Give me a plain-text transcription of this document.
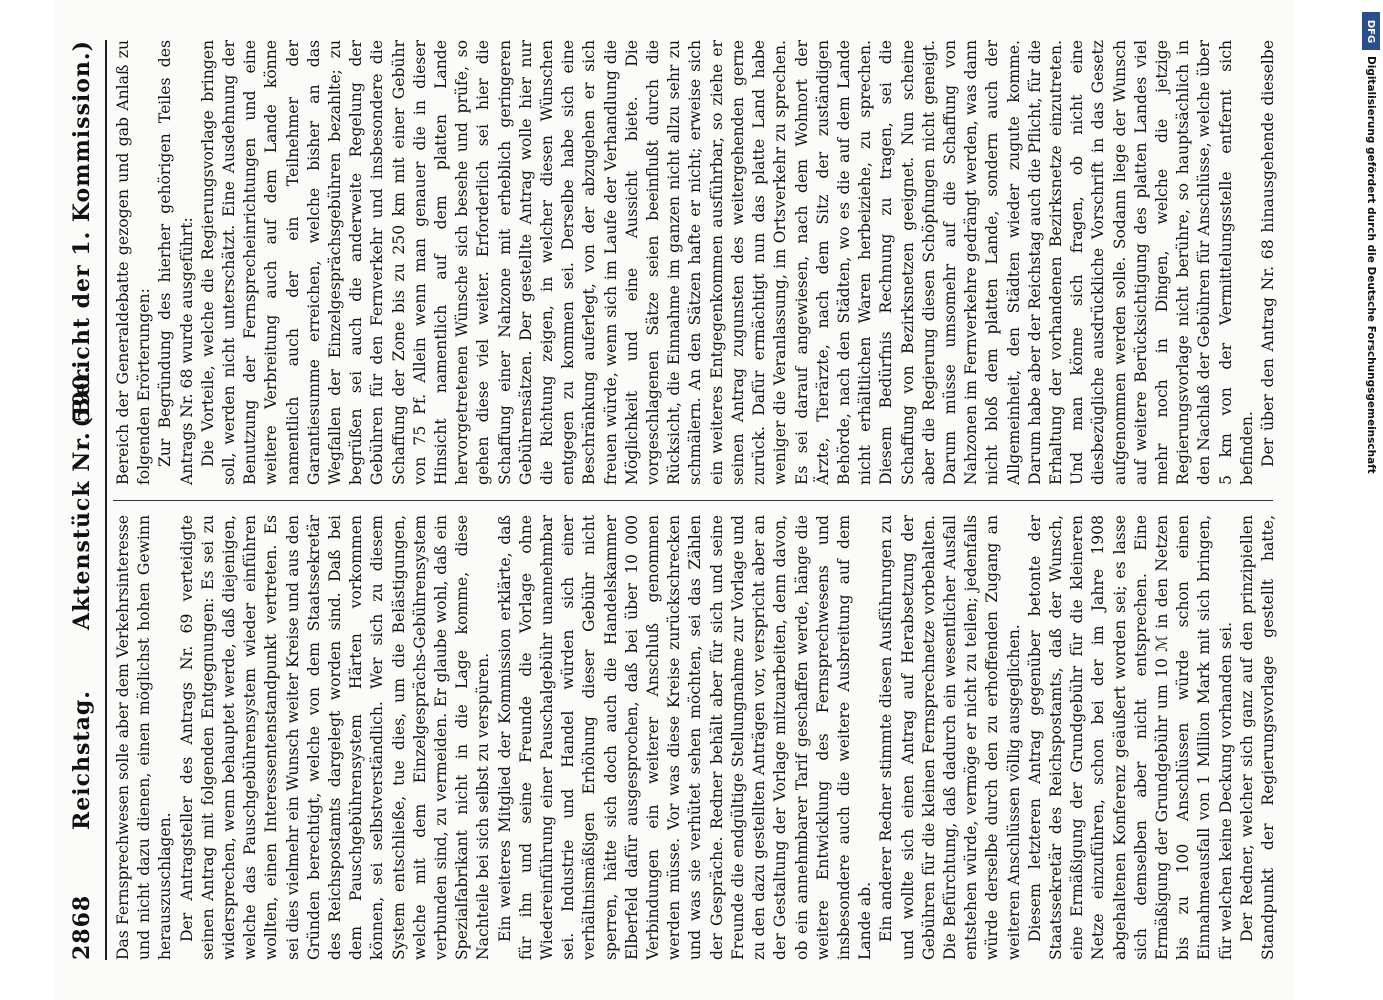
2868
Reichstag.
Aktenstück Nr. 590.
(Bericht der 1. Kommission.)

Das Fernsprechwesen solle aber dem Verkehrsinteresse und nicht dazu dienen, einen möglichst hohen Gewinn herauszuschlagen. Der Antragsteller des Antrags Nr. 69 verteidigte seinen Antrag mit folgenden Entgegnungen: Es sei zu widersprechen, wenn behauptet werde, daß diejenigen, welche das Pauschgebührensystem wieder einführen wollten, einen Interessentenstandpunkt vertreten. Es sei dies vielmehr ein Wunsch weiter Kreise und aus den Gründen berechtigt, welche von dem Staatssekretär des Reichspostamts dargelegt worden sind. Daß bei dem Pauschgebührensystem Härten vorkommen können, sei selbstverständlich. Wer sich zu diesem System entschließe, tue dies, um die Belästigungen, welche mit dem Einzelgesprächs-Gebührensystem verbunden sind, zu vermeiden. Er glaube wohl, daß ein Spezialfabrikant nicht in die Lage komme, diese Nachteile bei sich selbst zu verspüren. Ein weiteres Mitglied der Kommission erklärte, daß für ihn und seine Freunde die Vorlage ohne Wiedereinführung einer Pauschalgebühr unannehmbar sei. Industrie und Handel würden sich einer verhältnismäßigen Erhöhung dieser Gebühr nicht sperren, hätte sich doch auch die Handelskammer Elberfeld dafür ausgesprochen, daß bei über 10 000 Verbindungen ein weiterer Anschluß genommen werden müsse. Vor was diese Kreise zurückschrecken und was sie verhütet sehen möchten, sei das Zählen der Gespräche. Redner behält aber für sich und seine Freunde die endgültige Stellungnahme zur Vorlage und zu den dazu gestellten Anträgen vor, verspricht aber an der Gestaltung der Vorlage mitzuarbeiten, denn davon, ob ein annehmbarer Tarif geschaffen werde, hänge die weitere Entwicklung des Fernsprechwesens und insbesondere auch die weitere Ausbreitung auf dem Lande ab. Ein anderer Redner stimmte diesen Ausführungen zu und wollte sich einen Antrag auf Herabsetzung der Gebühren für die kleinen Fernsprechnetze vorbehalten. Die Befürchtung, daß dadurch ein wesentlicher Ausfall entstehen würde, vermöge er nicht zu teilen; jedenfalls würde derselbe durch den zu erhoffenden Zugang an weiteren Anschlüssen völlig ausgeglichen. Diesem letzteren Antrag gegenüber betonte der Staatssekretär des Reichspostamts, daß der Wunsch, eine Ermäßigung der Grundgebühr für die kleineren Netze einzuführen, schon bei der im Jahre 1908 abgehaltenen Konferenz geäußert worden sei; es lasse sich demselben aber nicht entsprechen. Eine Ermäßigung der Grundgebühr um 10 ℳ in den Netzen bis zu 100 Anschlüssen würde schon einen Einnahmeausfall von 1 Million Mark mit sich bringen, für welchen keine Deckung vorhanden sei. Der Redner, welcher sich ganz auf den prinzipiellen Standpunkt der Regierungsvorlage gestellt hatte,

Bereich der Generaldebatte gezogen und gab Anlaß zu folgenden Erörterungen: Zur Begründung des hierher gehörigen Teiles des Antrags Nr. 68 wurde ausgeführt: Die Vorteile, welche die Regierungsvorlage bringen soll, werden nicht unterschätzt. Eine Ausdehnung der Benutzung der Fernsprecheinrichtungen und eine weitere Verbreitung auch auf dem Lande könne namentlich auch der ein Teilnehmer der Garantiesumme erreichen, welche bisher an das Wegfallen der Einzelgesprächsgebühren bezahlte; zu begrüßen sei auch die anderweite Regelung der Gebühren für den Fernverkehr und insbesondere die Schaffung der Zone bis zu 250 km mit einer Gebühr von 75 Pf. Allein wenn man genauer die in dieser Hinsicht namentlich auf dem platten Lande hervorgetretenen Wünsche sich besehe und prüfe, so gehen diese viel weiter. Erforderlich sei hier die Schaffung einer Nahzone mit erheblich geringeren Gebührensätzen. Der gestellte Antrag wolle hier nur die Richtung zeigen, in welcher diesen Wünschen entgegen zu kommen sei. Derselbe habe sich eine Beschränkung auferlegt, von der abzugehen er sich freuen würde, wenn sich im Laufe der Verhandlung die Möglichkeit und eine Aussicht biete. Die vorgeschlagenen Sätze seien beeinflußt durch die Rücksicht, die Einnahme im ganzen nicht allzu sehr zu schmälern. An den Sätzen hafte er nicht; erweise sich ein weiteres Entgegenkommen ausführbar, so ziehe er seinen Antrag zugunsten des weitergehenden gerne zurück. Dafür ermächtigt nun das platte Land habe weniger die Veranlassung, im Ortsverkehr zu sprechen. Es sei darauf angewiesen, nach dem Wohnort der Ärzte, Tierärzte, nach dem Sitz der zuständigen Behörde, nach den Städten, wo es die auf dem Lande nicht erhältlichen Waren herbeiziehe, zu sprechen. Diesem Bedürfnis Rechnung zu tragen, sei die Schaffung von Bezirksnetzen geeignet. Nun scheine aber die Regierung diesen Schöpfungen nicht geneigt. Darum müsse umsomehr auf die Schaffung von Nahzonen im Fernverkehre gedrängt werden, was dann nicht bloß dem platten Lande, sondern auch der Allgemeinheit, den Städten wieder zugute komme. Darum habe aber der Reichstag auch die Pflicht, für die Erhaltung der vorhandenen Bezirksnetze einzutreten. Und man könne sich fragen, ob nicht eine diesbezügliche ausdrückliche Vorschrift in das Gesetz aufgenommen werden solle. Sodann liege der Wunsch auf weitere Berücksichtigung des platten Landes viel mehr noch in Dingen, welche die jetzige Regierungsvorlage nicht berühre, so hauptsächlich in den Nachlaß der Gebühren für Anschlüsse, welche über 5 km von der Vermittelungsstelle entfernt sich befinden. Der über den Antrag Nr. 68 hinausgehende dieselbe

DFG
Digitalisierung gefördert durch die Deutsche Forschungsgemeinschaft
